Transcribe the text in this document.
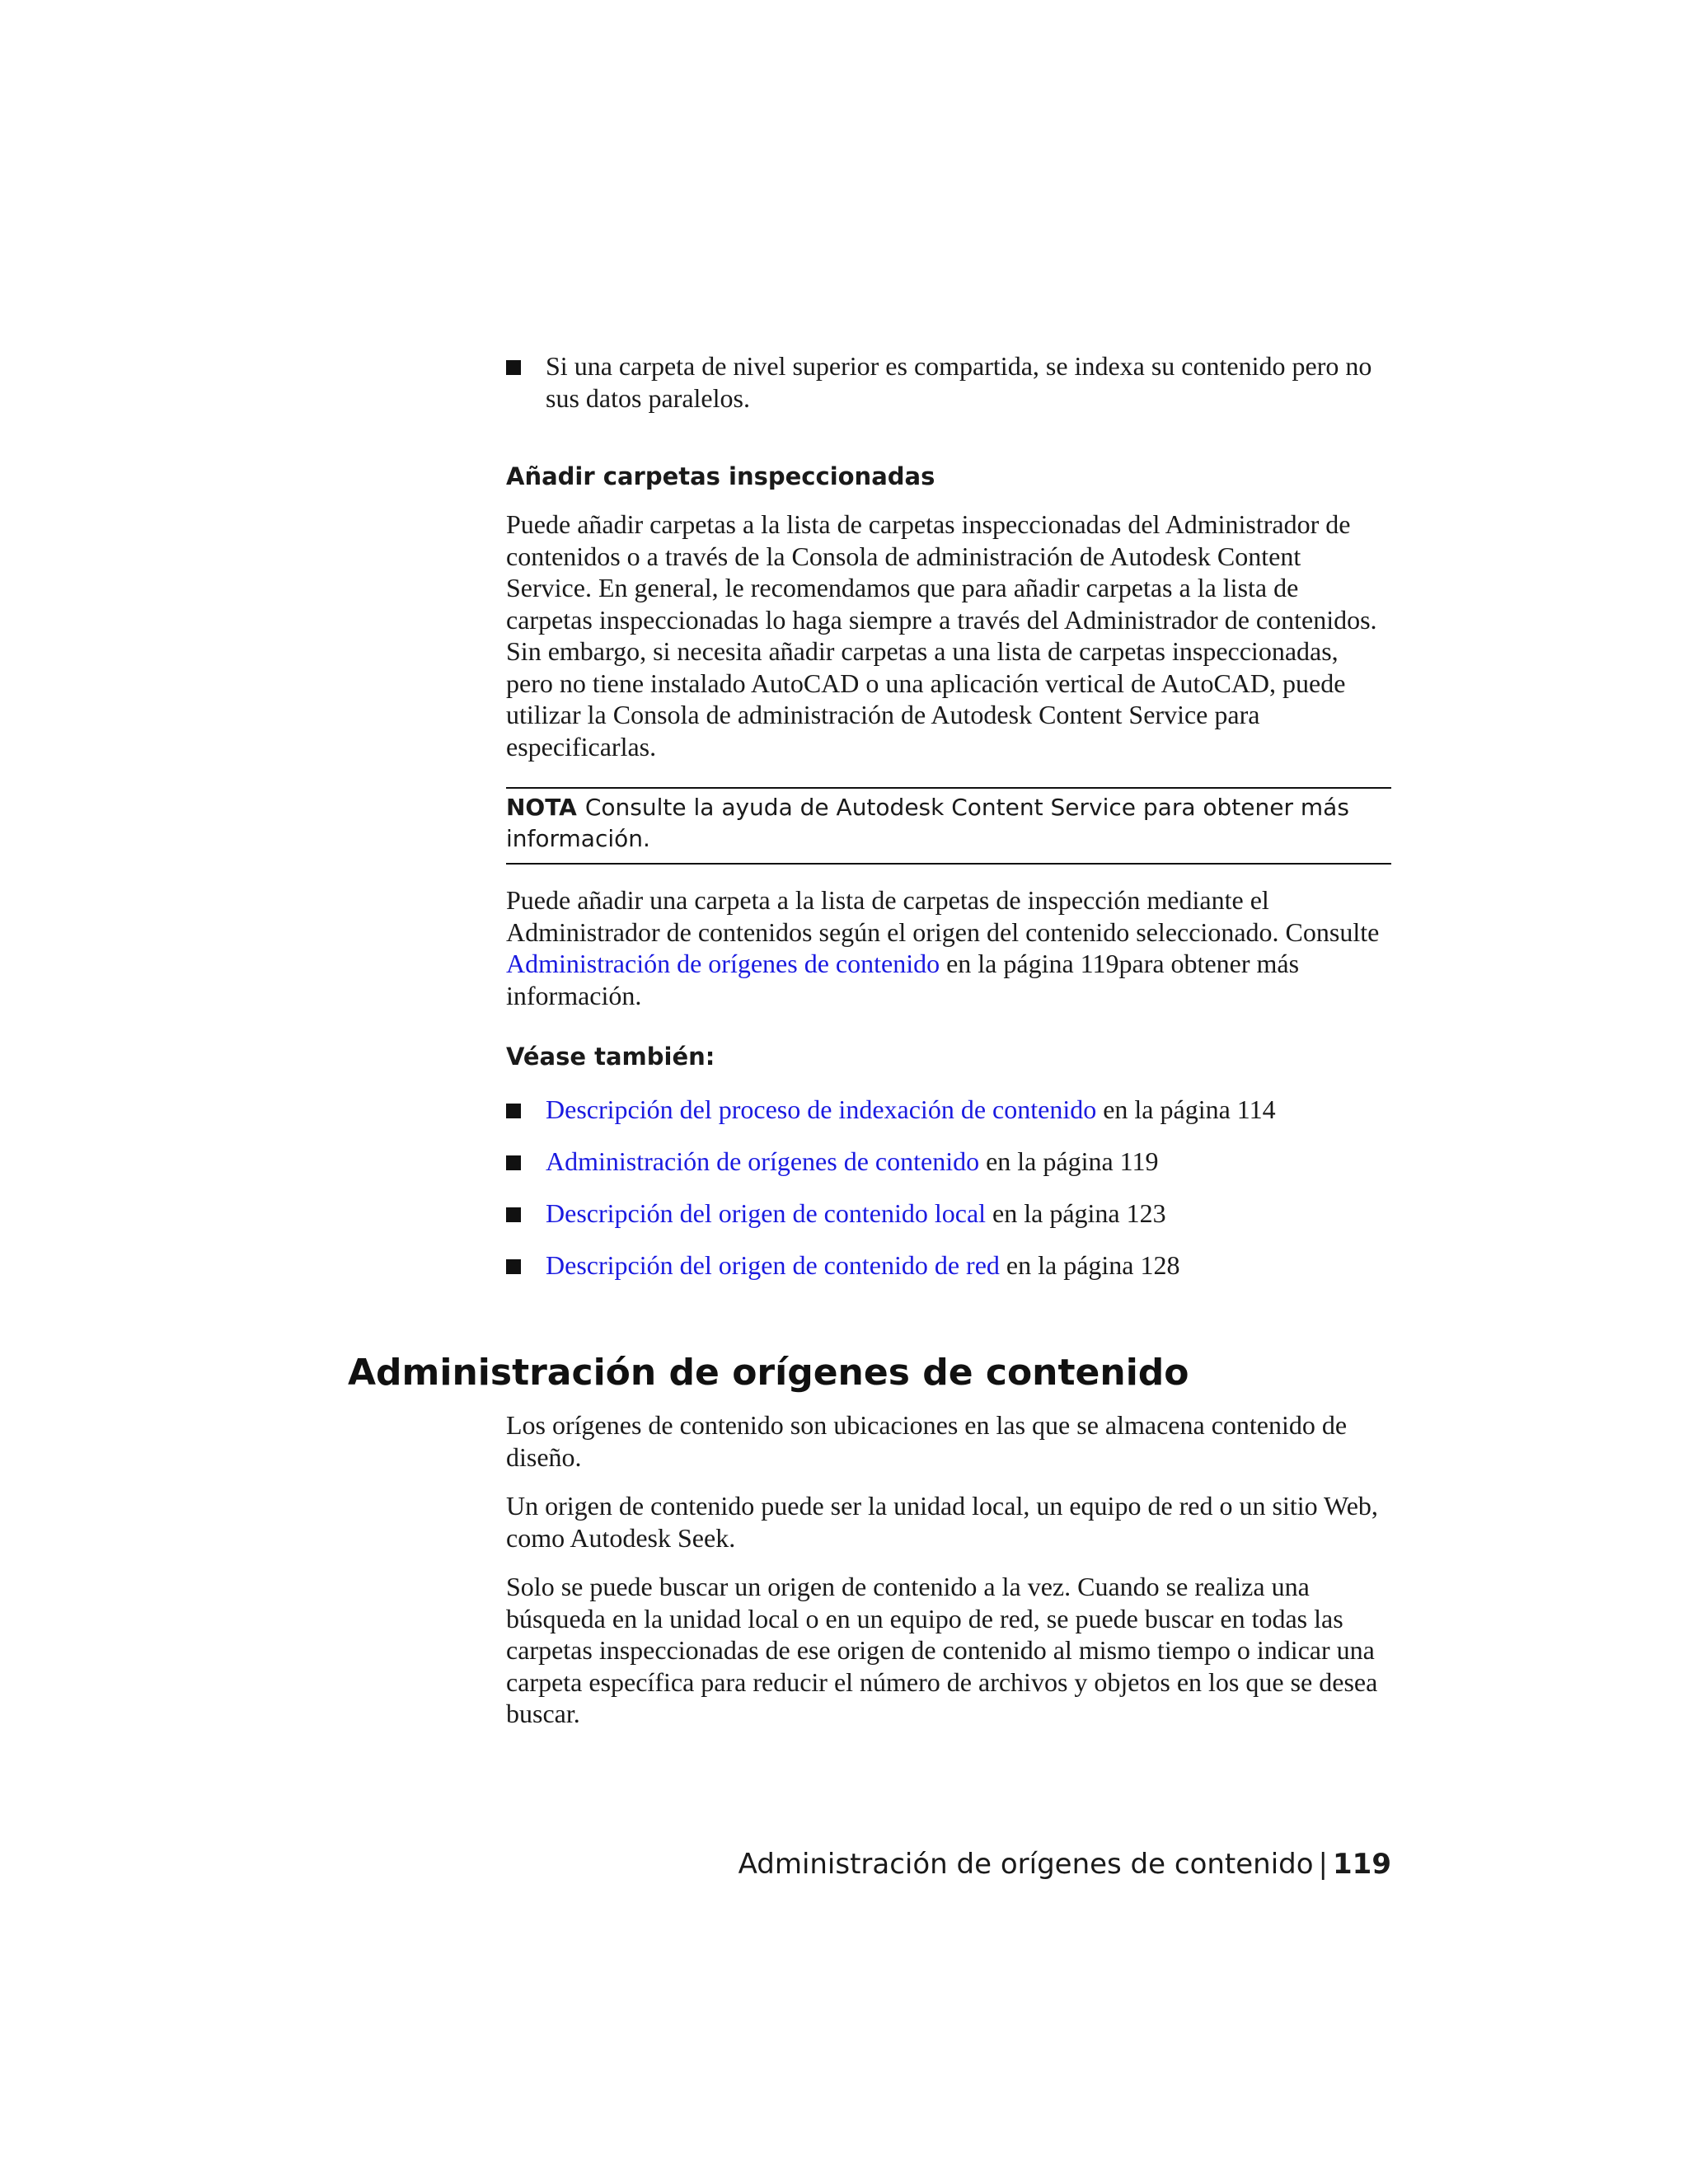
Si una carpeta de nivel superior es compartida, se indexa su contenido pero no sus datos paralelos.

Añadir carpetas inspeccionadas

Puede añadir carpetas a la lista de carpetas inspeccionadas del Administrador de contenidos o a través de la Consola de administración de Autodesk Content Service. En general, le recomendamos que para añadir carpetas a la lista de carpetas inspeccionadas lo haga siempre a través del Administrador de contenidos. Sin embargo, si necesita añadir carpetas a una lista de carpetas inspeccionadas, pero no tiene instalado AutoCAD o una aplicación vertical de AutoCAD, puede utilizar la Consola de administración de Autodesk Content Service para especificarlas.

NOTA Consulte la ayuda de Autodesk Content Service para obtener más información.

Puede añadir una carpeta a la lista de carpetas de inspección mediante el Administrador de contenidos según el origen del contenido seleccionado. Consulte Administración de orígenes de contenido en la página 119para obtener más información.

Véase también:

Descripción del proceso de indexación de contenido en la página 114

Administración de orígenes de contenido en la página 119

Descripción del origen de contenido local en la página 123

Descripción del origen de contenido de red en la página 128

Administración de orígenes de contenido

Los orígenes de contenido son ubicaciones en las que se almacena contenido de diseño.

Un origen de contenido puede ser la unidad local, un equipo de red o un sitio Web, como Autodesk Seek.

Solo se puede buscar un origen de contenido a la vez. Cuando se realiza una búsqueda en la unidad local o en un equipo de red, se puede buscar en todas las carpetas inspeccionadas de ese origen de contenido al mismo tiempo o indicar una carpeta específica para reducir el número de archivos y objetos en los que se desea buscar.

Administración de orígenes de contenido | 119
